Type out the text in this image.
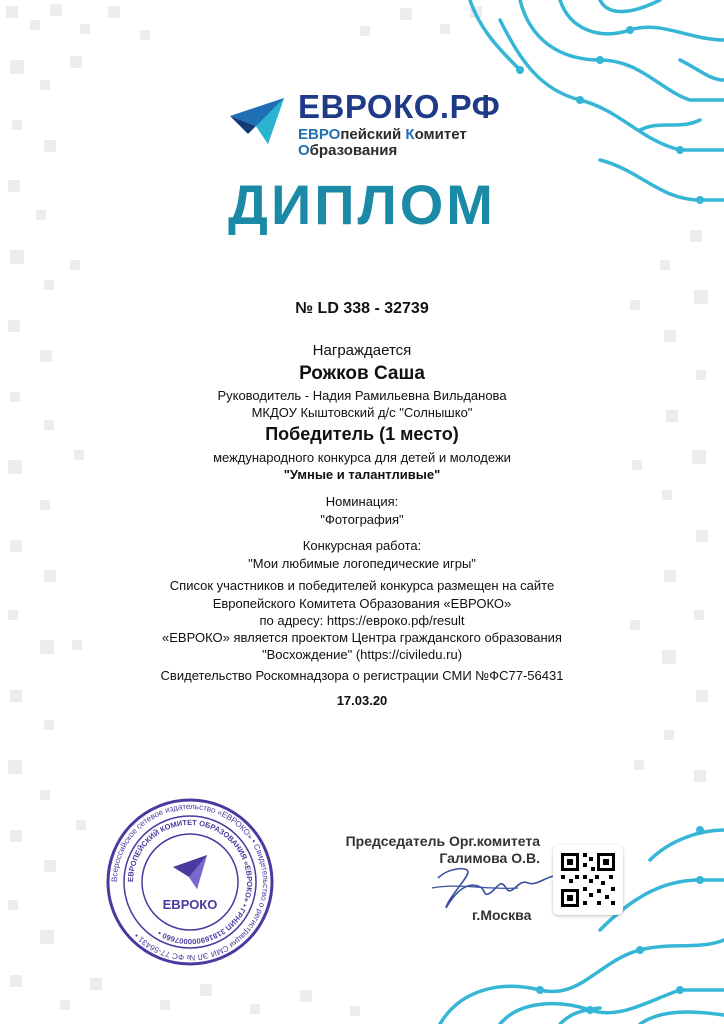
ЕВРОКО.РФ
ЕВРОпейский Комитет
Образования
ДИПЛОМ
№ LD 338 - 32739
Награждается
Рожков Саша
Руководитель - Надия Рамильевна Вильданова
МКДОУ Кыштовский д/с "Солнышко"
Победитель (1 место)
международного конкурса для детей и молодежи
"Умные и талантливые"
Номинация:
"Фотография"
Конкурсная работа:
"Мои любимые логопедические игры"
Список участников и победителей конкурса размещен на сайте
Европейского Комитета Образования «ЕВРОКО»
по адресу: https://евроко.рф/result
«ЕВРОКО» является проектом Центра гражданского образования
"Восхождение" (https://civiledu.ru)
Свидетельство Роскомнадзора о регистрации СМИ №ФС77-56431
17.03.20
Всероссийское сетевое издательство «ЕВРОКО» • Свидетельство о регистрации СМИ ЭЛ № ФС 77-56431 •
ЕВРОПЕЙСКИЙ КОМИТЕТ ОБРАЗОВАНИЯ «ЕВРОКО» • ГРНИП 318169000007660 •
ЕВРОКО
Председатель Орг.комитета
Галимова О.В.
г.Москва
